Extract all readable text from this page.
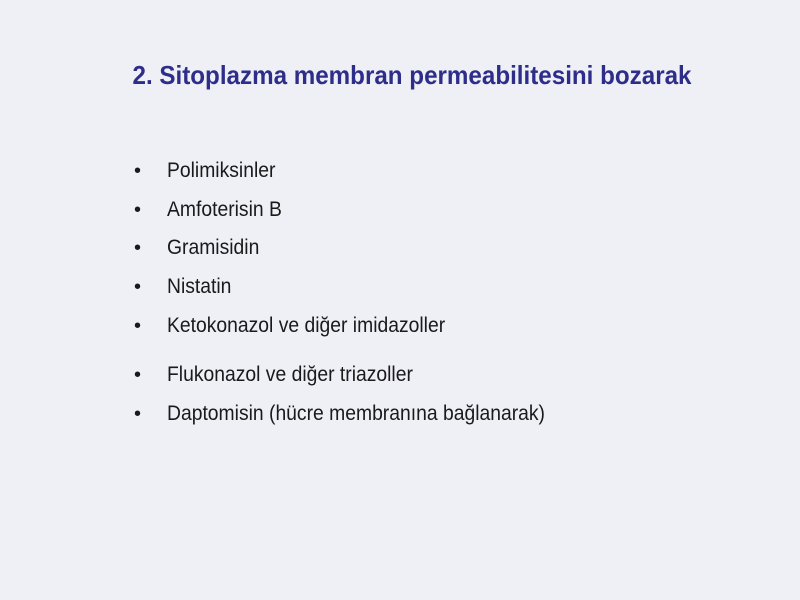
2. Sitoplazma membran permeabilitesini bozarak
•	Polimiksinler
•	Amfoterisin B
•	Gramisidin
•	Nistatin
•	Ketokonazol ve diğer imidazoller
•	Flukonazol ve diğer triazoller
•	Daptomisin (hücre membranına bağlanarak)
